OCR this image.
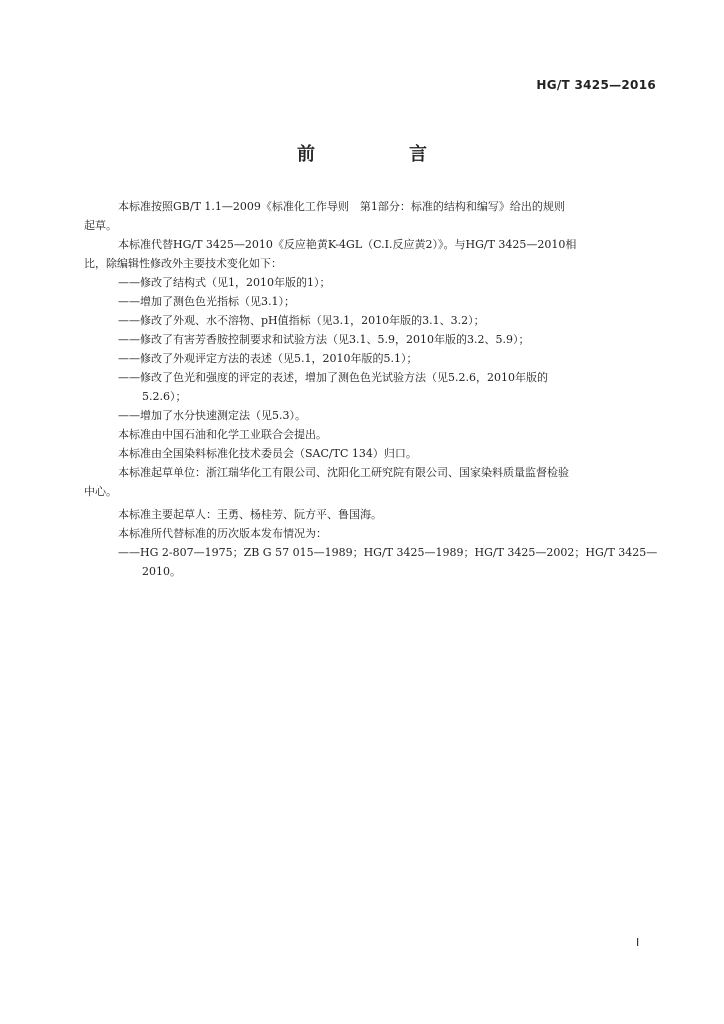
HG/T 3425—2016
前　言
本标准按照GB/T 1.1—2009《标准化工作导则　第1部分：标准的结构和编写》给出的规则
起草。
本标准代替HG/T 3425—2010《反应艳黄K-4GL（C.I.反应黄2）》。与HG/T 3425—2010相
比，除编辑性修改外主要技术变化如下：
——修改了结构式（见1，2010年版的1）；
——增加了测色色光指标（见3.1）；
——修改了外观、水不溶物、pH值指标（见3.1，2010年版的3.1、3.2）；
——修改了有害芳香胺控制要求和试验方法（见3.1、5.9，2010年版的3.2、5.9）；
——修改了外观评定方法的表述（见5.1，2010年版的5.1）；
——修改了色光和强度的评定的表述，增加了测色色光试验方法（见5.2.6，2010年版的
5.2.6）；
——增加了水分快速测定法（见5.3）。
本标准由中国石油和化学工业联合会提出。
本标准由全国染料标准化技术委员会（SAC/TC 134）归口。
本标准起草单位：浙江瑞华化工有限公司、沈阳化工研究院有限公司、国家染料质量监督检验
中心。
本标准主要起草人：王勇、杨桂芳、阮方平、鲁国海。
本标准所代替标准的历次版本发布情况为：
——HG 2-807—1975；ZB G 57 015—1989；HG/T 3425—1989；HG/T 3425—2002；HG/T 3425—
2010。
I
